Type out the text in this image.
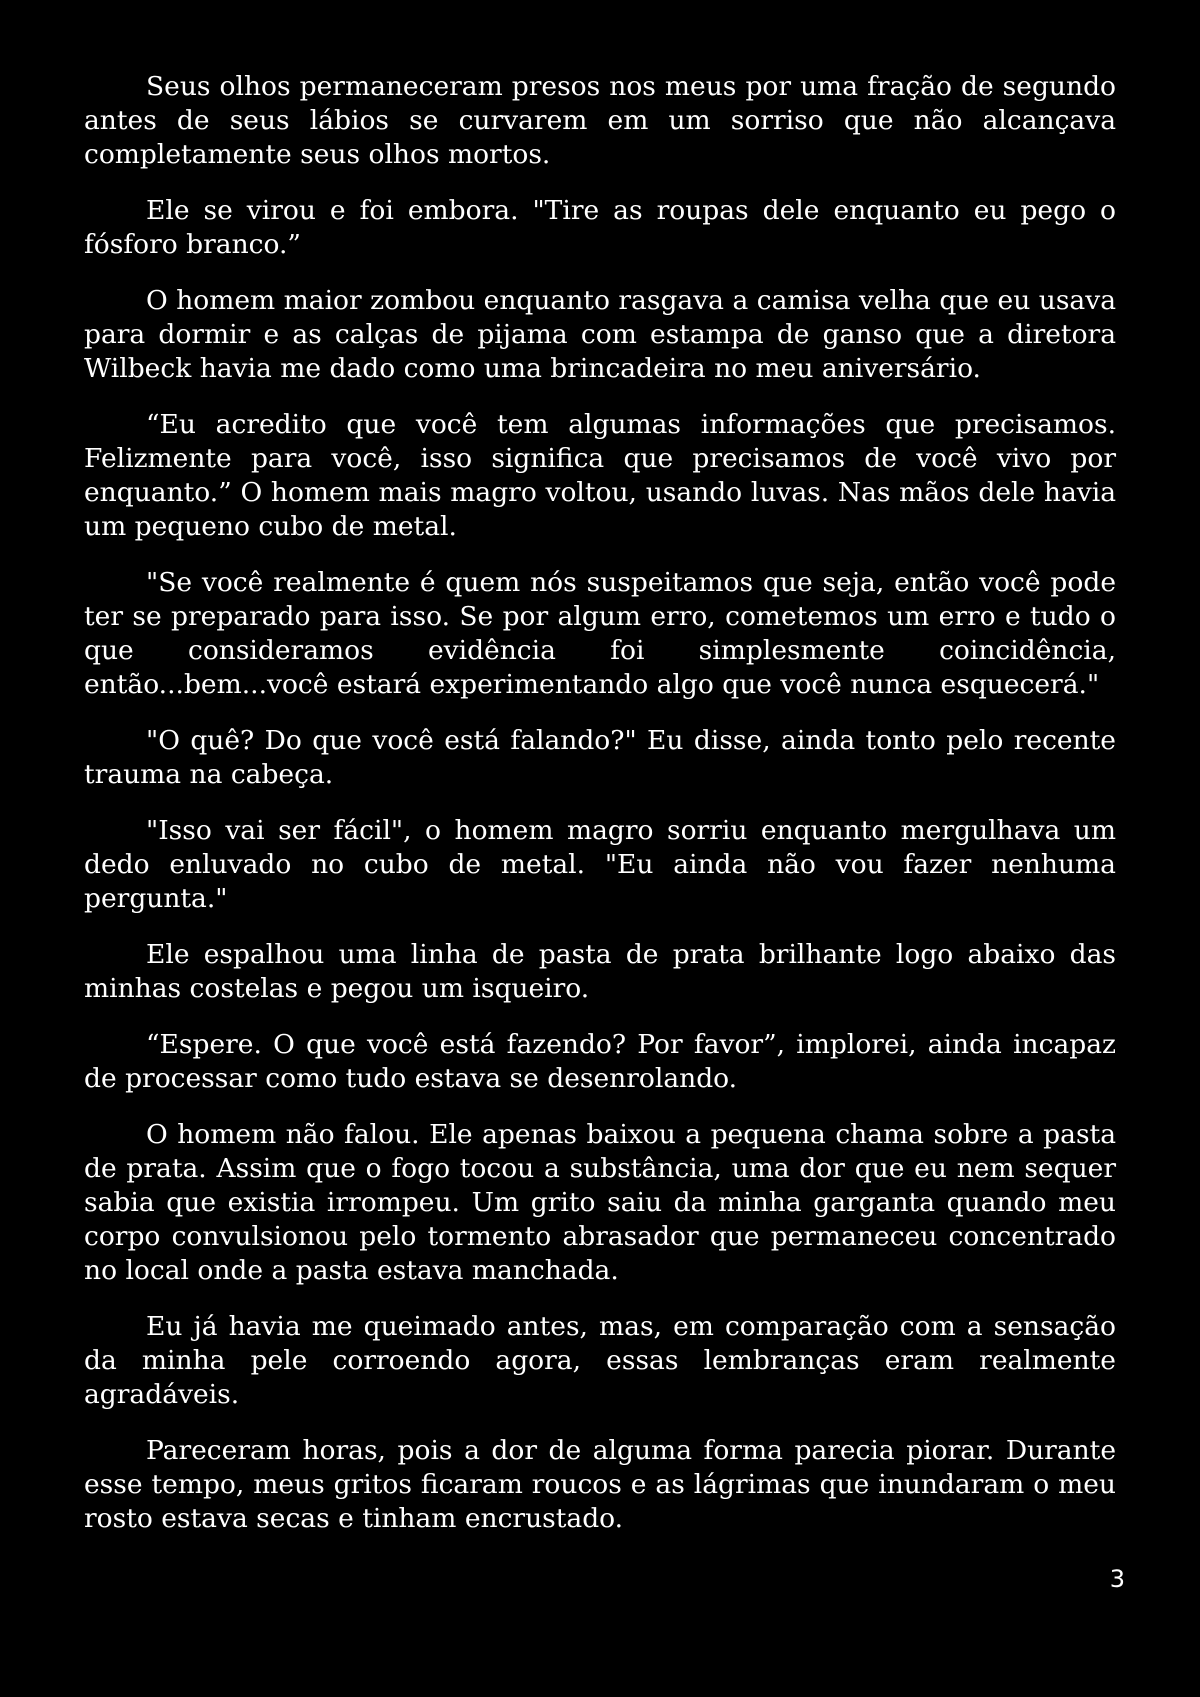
Seus olhos permaneceram presos nos meus por uma fração de segundo antes de seus lábios se curvarem em um sorriso que não alcançava completamente seus olhos mortos.

Ele se virou e foi embora. "Tire as roupas dele enquanto eu pego o fósforo branco.”

O homem maior zombou enquanto rasgava a camisa velha que eu usava para dormir e as calças de pijama com estampa de ganso que a diretora Wilbeck havia me dado como uma brincadeira no meu aniversário.

“Eu acredito que você tem algumas informações que precisamos. Felizmente para você, isso significa que precisamos de você vivo por enquanto.” O homem mais magro voltou, usando luvas. Nas mãos dele havia um pequeno cubo de metal.

"Se você realmente é quem nós suspeitamos que seja, então você pode ter se preparado para isso. Se por algum erro, cometemos um erro e tudo o que consideramos evidência foi simplesmente coincidência, então...bem...você estará experimentando algo que você nunca esquecerá."

"O quê? Do que você está falando?" Eu disse, ainda tonto pelo recente trauma na cabeça.

"Isso vai ser fácil", o homem magro sorriu enquanto mergulhava um dedo enluvado no cubo de metal. "Eu ainda não vou fazer nenhuma pergunta."

Ele espalhou uma linha de pasta de prata brilhante logo abaixo das minhas costelas e pegou um isqueiro.

“Espere. O que você está fazendo? Por favor”, implorei, ainda incapaz de processar como tudo estava se desenrolando.

O homem não falou. Ele apenas baixou a pequena chama sobre a pasta de prata. Assim que o fogo tocou a substância, uma dor que eu nem sequer sabia que existia irrompeu. Um grito saiu da minha garganta quando meu corpo convulsionou pelo tormento abrasador que permaneceu concentrado no local onde a pasta estava manchada.

Eu já havia me queimado antes, mas, em comparação com a sensação da minha pele corroendo agora, essas lembranças eram realmente agradáveis.

Pareceram horas, pois a dor de alguma forma parecia piorar. Durante esse tempo, meus gritos ficaram roucos e as lágrimas que inundaram o meu rosto estava secas e tinham encrustado.

3
